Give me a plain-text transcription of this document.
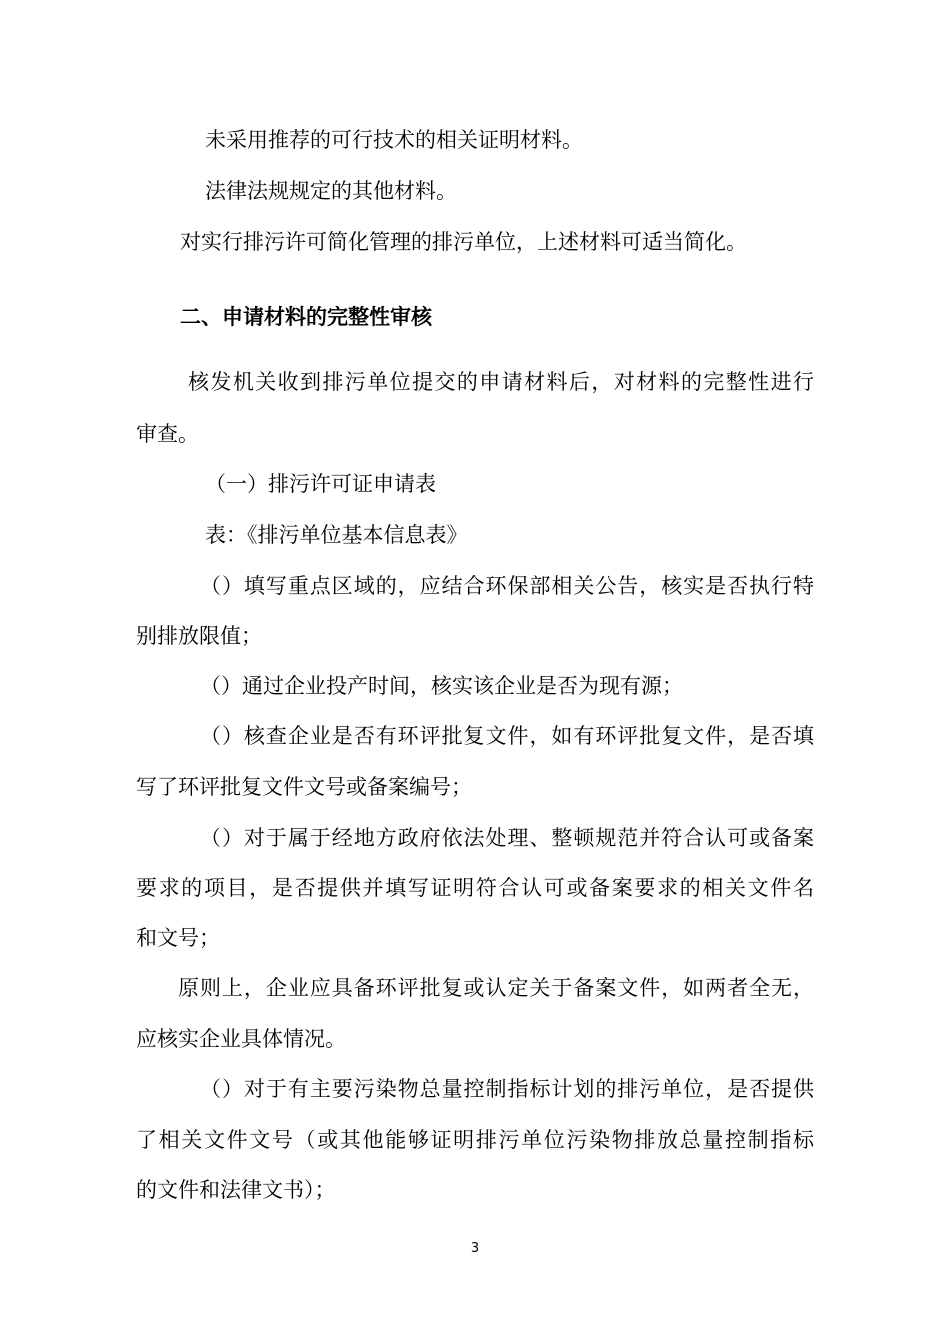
未采用推荐的可行技术的相关证明材料。
法律法规规定的其他材料。
对实行排污许可简化管理的排污单位，上述材料可适当简化。
二、申请材料的完整性审核
核发机关收到排污单位提交的申请材料后，对材料的完整性进行
审查。
（一）排污许可证申请表
表：《排污单位基本信息表》
（）填写重点区域的，应结合环保部相关公告，核实是否执行特
别排放限值；
（）通过企业投产时间，核实该企业是否为现有源；
（）核查企业是否有环评批复文件，如有环评批复文件，是否填
写了环评批复文件文号或备案编号；
（）对于属于经地方政府依法处理、整顿规范并符合认可或备案
要求的项目，是否提供并填写证明符合认可或备案要求的相关文件名
和文号；
原则上，企业应具备环评批复或认定关于备案文件，如两者全无，
应核实企业具体情况。
（）对于有主要污染物总量控制指标计划的排污单位，是否提供
了相关文件文号（或其他能够证明排污单位污染物排放总量控制指标
的文件和法律文书）；
3
